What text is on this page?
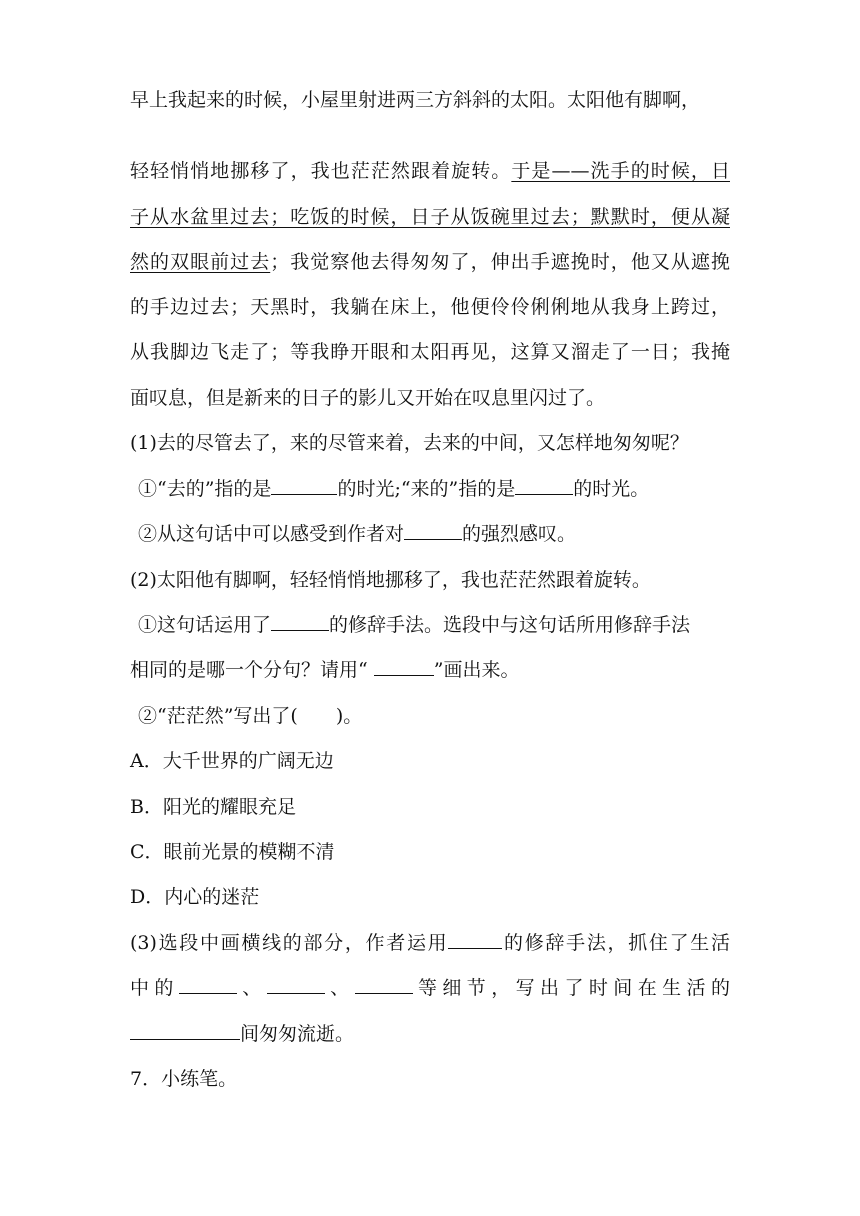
早上我起来的时候，小屋里射进两三方斜斜的太阳。太阳他有脚啊，
轻轻悄悄地挪移了，我也茫茫然跟着旋转。于是——洗手的时候，日
子从水盆里过去；吃饭的时候，日子从饭碗里过去；默默时，便从凝
然的双眼前过去；我觉察他去得匆匆了，伸出手遮挽时，他又从遮挽
的手边过去；天黑时，我躺在床上，他便伶伶俐俐地从我身上跨过，
从我脚边飞走了；等我睁开眼和太阳再见，这算又溜走了一日；我掩
面叹息，但是新来的日子的影儿又开始在叹息里闪过了。
(1)去的尽管去了，来的尽管来着，去来的中间，又怎样地匆匆呢？
①“去的”指的是	的时光;“来的”指的是	的时光。
②从这句话中可以感受到作者对	的强烈感叹。
(2)太阳他有脚啊，轻轻悄悄地挪移了，我也茫茫然跟着旋转。
①这句话运用了	的修辞手法。选段中与这句话所用修辞手法
相同的是哪一个分句？请用“	”画出来。
②“茫茫然”写出了(　　)。
A．大千世界的广阔无边
B．阳光的耀眼充足
C．眼前光景的模糊不清
D．内心的迷茫
(3)选段中画横线的部分，作者运用	的修辞手法，抓住了生活
中的	、	、	等细节，写出了时间在生活的
间匆匆流逝。
7．小练笔。
